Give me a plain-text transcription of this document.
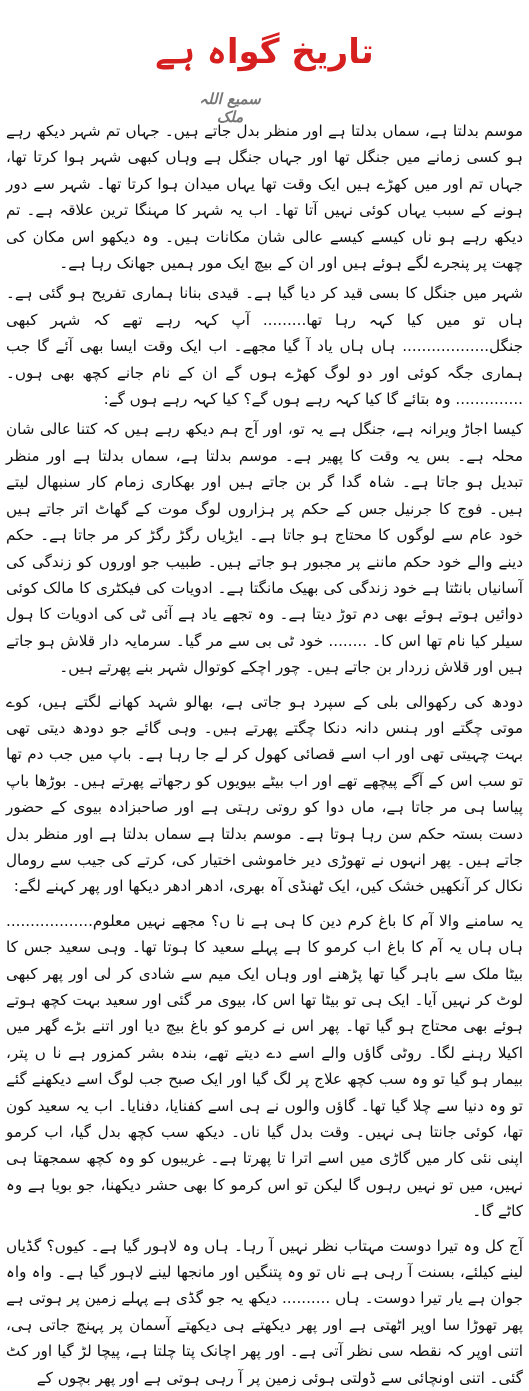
تاریخ گواہ ہے
سمیع اللہ ملک

موسم بدلتا ہے، سماں بدلتا ہے اور منظر بدل جاتے ہیں۔ جہاں تم شہر دیکھ رہے ہو کسی زمانے میں جنگل تھا اور جہاں جنگل ہے وہاں کبھی شہر ہوا کرتا تھا، جہاں تم اور میں کھڑے ہیں ایک وقت تھا یہاں میدان ہوا کرتا تھا۔ شہر سے دور ہونے کے سبب یہاں کوئی نہیں آتا تھا۔ اب یہ شہر کا مہنگا ترین علاقہ ہے۔ تم دیکھ رہے ہو ناں کیسے کیسے عالی شان مکانات ہیں۔ وہ دیکھو اس مکان کی چھت پر پنجرے لگے ہوئے ہیں اور ان کے بیچ ایک مور ہمیں جھانک رہا ہے۔

شہر میں جنگل کا بسی قید کر دیا گیا ہے۔ قیدی بنانا ہماری تفریح ہو گئی ہے۔ ہاں تو میں کیا کہہ رہا تھا......... آپ کہہ رہے تھے کہ شہر کبھی جنگل.................. ہاں ہاں یاد آ گیا مجھے۔ اب ایک وقت ایسا بھی آئے گا جب ہماری جگہ کوئی اور دو لوگ کھڑے ہوں گے ان کے نام جانے کچھ بھی ہوں۔ .............. وہ بتائے گا کیا کہہ رہے ہوں گے؟ کیا کہہ رہے ہوں گے:

کیسا اجاڑ ویرانہ ہے، جنگل ہے یہ تو، اور آج ہم دیکھ رہے ہیں کہ کتنا عالی شان محلہ ہے۔ بس یہ وقت کا پھیر ہے۔ موسم بدلتا ہے، سماں بدلتا ہے اور منظر تبدیل ہو جاتا ہے۔ شاہ گدا گر بن جاتے ہیں اور بھکاری زمام کار سنبھال لیتے ہیں۔ فوج کا جرنیل جس کے حکم پر ہزاروں لوگ موت کے گھاٹ اتر جاتے ہیں خود عام سے لوگوں کا محتاج ہو جاتا ہے۔ ایڑیاں رگڑ رگڑ کر مر جاتا ہے۔ حکم دینے والے خود حکم ماننے پر مجبور ہو جاتے ہیں۔ طبیب جو اوروں کو زندگی کی آسانیاں بانٹتا ہے خود زندگی کی بھیک مانگتا ہے۔ ادویات کی فیکٹری کا مالک کوئی دوائیں ہوتے ہوئے بھی دم توڑ دیتا ہے۔ وہ تجھے یاد ہے آئی ٹی کی ادویات کا ہول سیلر کیا نام تھا اس کا۔ ........ خود ٹی بی سے مر گیا۔ سرمایہ دار قلاش ہو جاتے ہیں اور قلاش زردار بن جاتے ہیں۔ چور اچکے کوتوال شہر بنے پھرتے ہیں۔

دودھ کی رکھوالی بلی کے سپرد ہو جاتی ہے، بھالو شہد کھانے لگتے ہیں، کوے موتی چگتے اور ہنس دانہ دنکا چگتے پھرتے ہیں۔ وہی گائے جو دودھ دیتی تھی بہت چہیتی تھی اور اب اسے قصائی کھول کر لے جا رہا ہے۔ باپ میں جب دم تھا تو سب اس کے آگے پیچھے تھے اور اب بیٹے بیویوں کو رجھاتے پھرتے ہیں۔ بوڑھا باپ پیاسا ہی مر جاتا ہے، ماں دوا کو روتی رہتی ہے اور صاحبزادہ بیوی کے حضور دست بستہ حکم سن رہا ہوتا ہے۔ موسم بدلتا ہے سماں بدلتا ہے اور منظر بدل جاتے ہیں۔ پھر انہوں نے تھوڑی دیر خاموشی اختیار کی، کرتے کی جیب سے رومال نکال کر آنکھیں خشک کیں، ایک ٹھنڈی آہ بھری، ادھر ادھر دیکھا اور پھر کہنے لگے:

یہ سامنے والا آم کا باغ کرم دین کا ہی ہے نا ں؟ مجھے نہیں معلوم.................. ہاں ہاں یہ آم کا باغ اب کرمو کا ہے پہلے سعید کا ہوتا تھا۔ وہی سعید جس کا بیٹا ملک سے باہر گیا تھا پڑھنے اور وہاں ایک میم سے شادی کر لی اور پھر کبھی لوٹ کر نہیں آیا۔ ایک ہی تو بیٹا تھا اس کا، بیوی مر گئی اور سعید بہت کچھ ہوتے ہوئے بھی محتاج ہو گیا تھا۔ پھر اس نے کرمو کو باغ بیچ دیا اور اتنے بڑے گھر میں اکیلا رہنے لگا۔ روٹی گاؤں والے اسے دے دیتے تھے، بندہ بشر کمزور ہے نا ں پتر، بیمار ہو گیا تو وہ سب کچھ علاج پر لگ گیا اور ایک صبح جب لوگ اسے دیکھنے گئے تو وہ دنیا سے چلا گیا تھا۔ گاؤں والوں نے ہی اسے کفنایا، دفنایا۔ اب یہ سعید کون تھا، کوئی جانتا ہی نہیں۔ وقت بدل گیا ناں۔ دیکھ سب کچھ بدل گیا، اب کرمو اپنی نئی کار میں گاڑی میں اسے اترا تا پھرتا ہے۔ غریبوں کو وہ کچھ سمجھتا ہی نہیں، میں تو نہیں رہوں گا لیکن تو اس کرمو کا بھی حشر دیکھنا، جو بویا ہے وہ کاٹے گا۔

آج کل وہ تیرا دوست مہتاب نظر نہیں آ رہا۔ ہاں وہ لاہور گیا ہے۔ کیوں؟ گڈیاں لینے کیلئے، بسنت آ رہی ہے ناں تو وہ پتنگیں اور مانجھا لینے لاہور گیا ہے۔ واہ واہ جوان ہے یار تیرا دوست۔ ہاں .......... دیکھ یہ جو گڈی ہے پہلے زمین پر ہوتی ہے پھر تھوڑا سا اوپر اٹھتی ہے اور پھر دیکھتے ہی دیکھتے آسمان پر پہنچ جاتی ہی، اتنی اوپر کہ نقطہ سی نظر آتی ہے۔ اور پھر اچانک پتا چلتا ہے، پیچا لڑ گیا اور کٹ گئی۔ اتنی اونچائی سے ڈولتی ہوئی زمین پر آ رہی ہوتی ہے اور پھر بچوں کے
